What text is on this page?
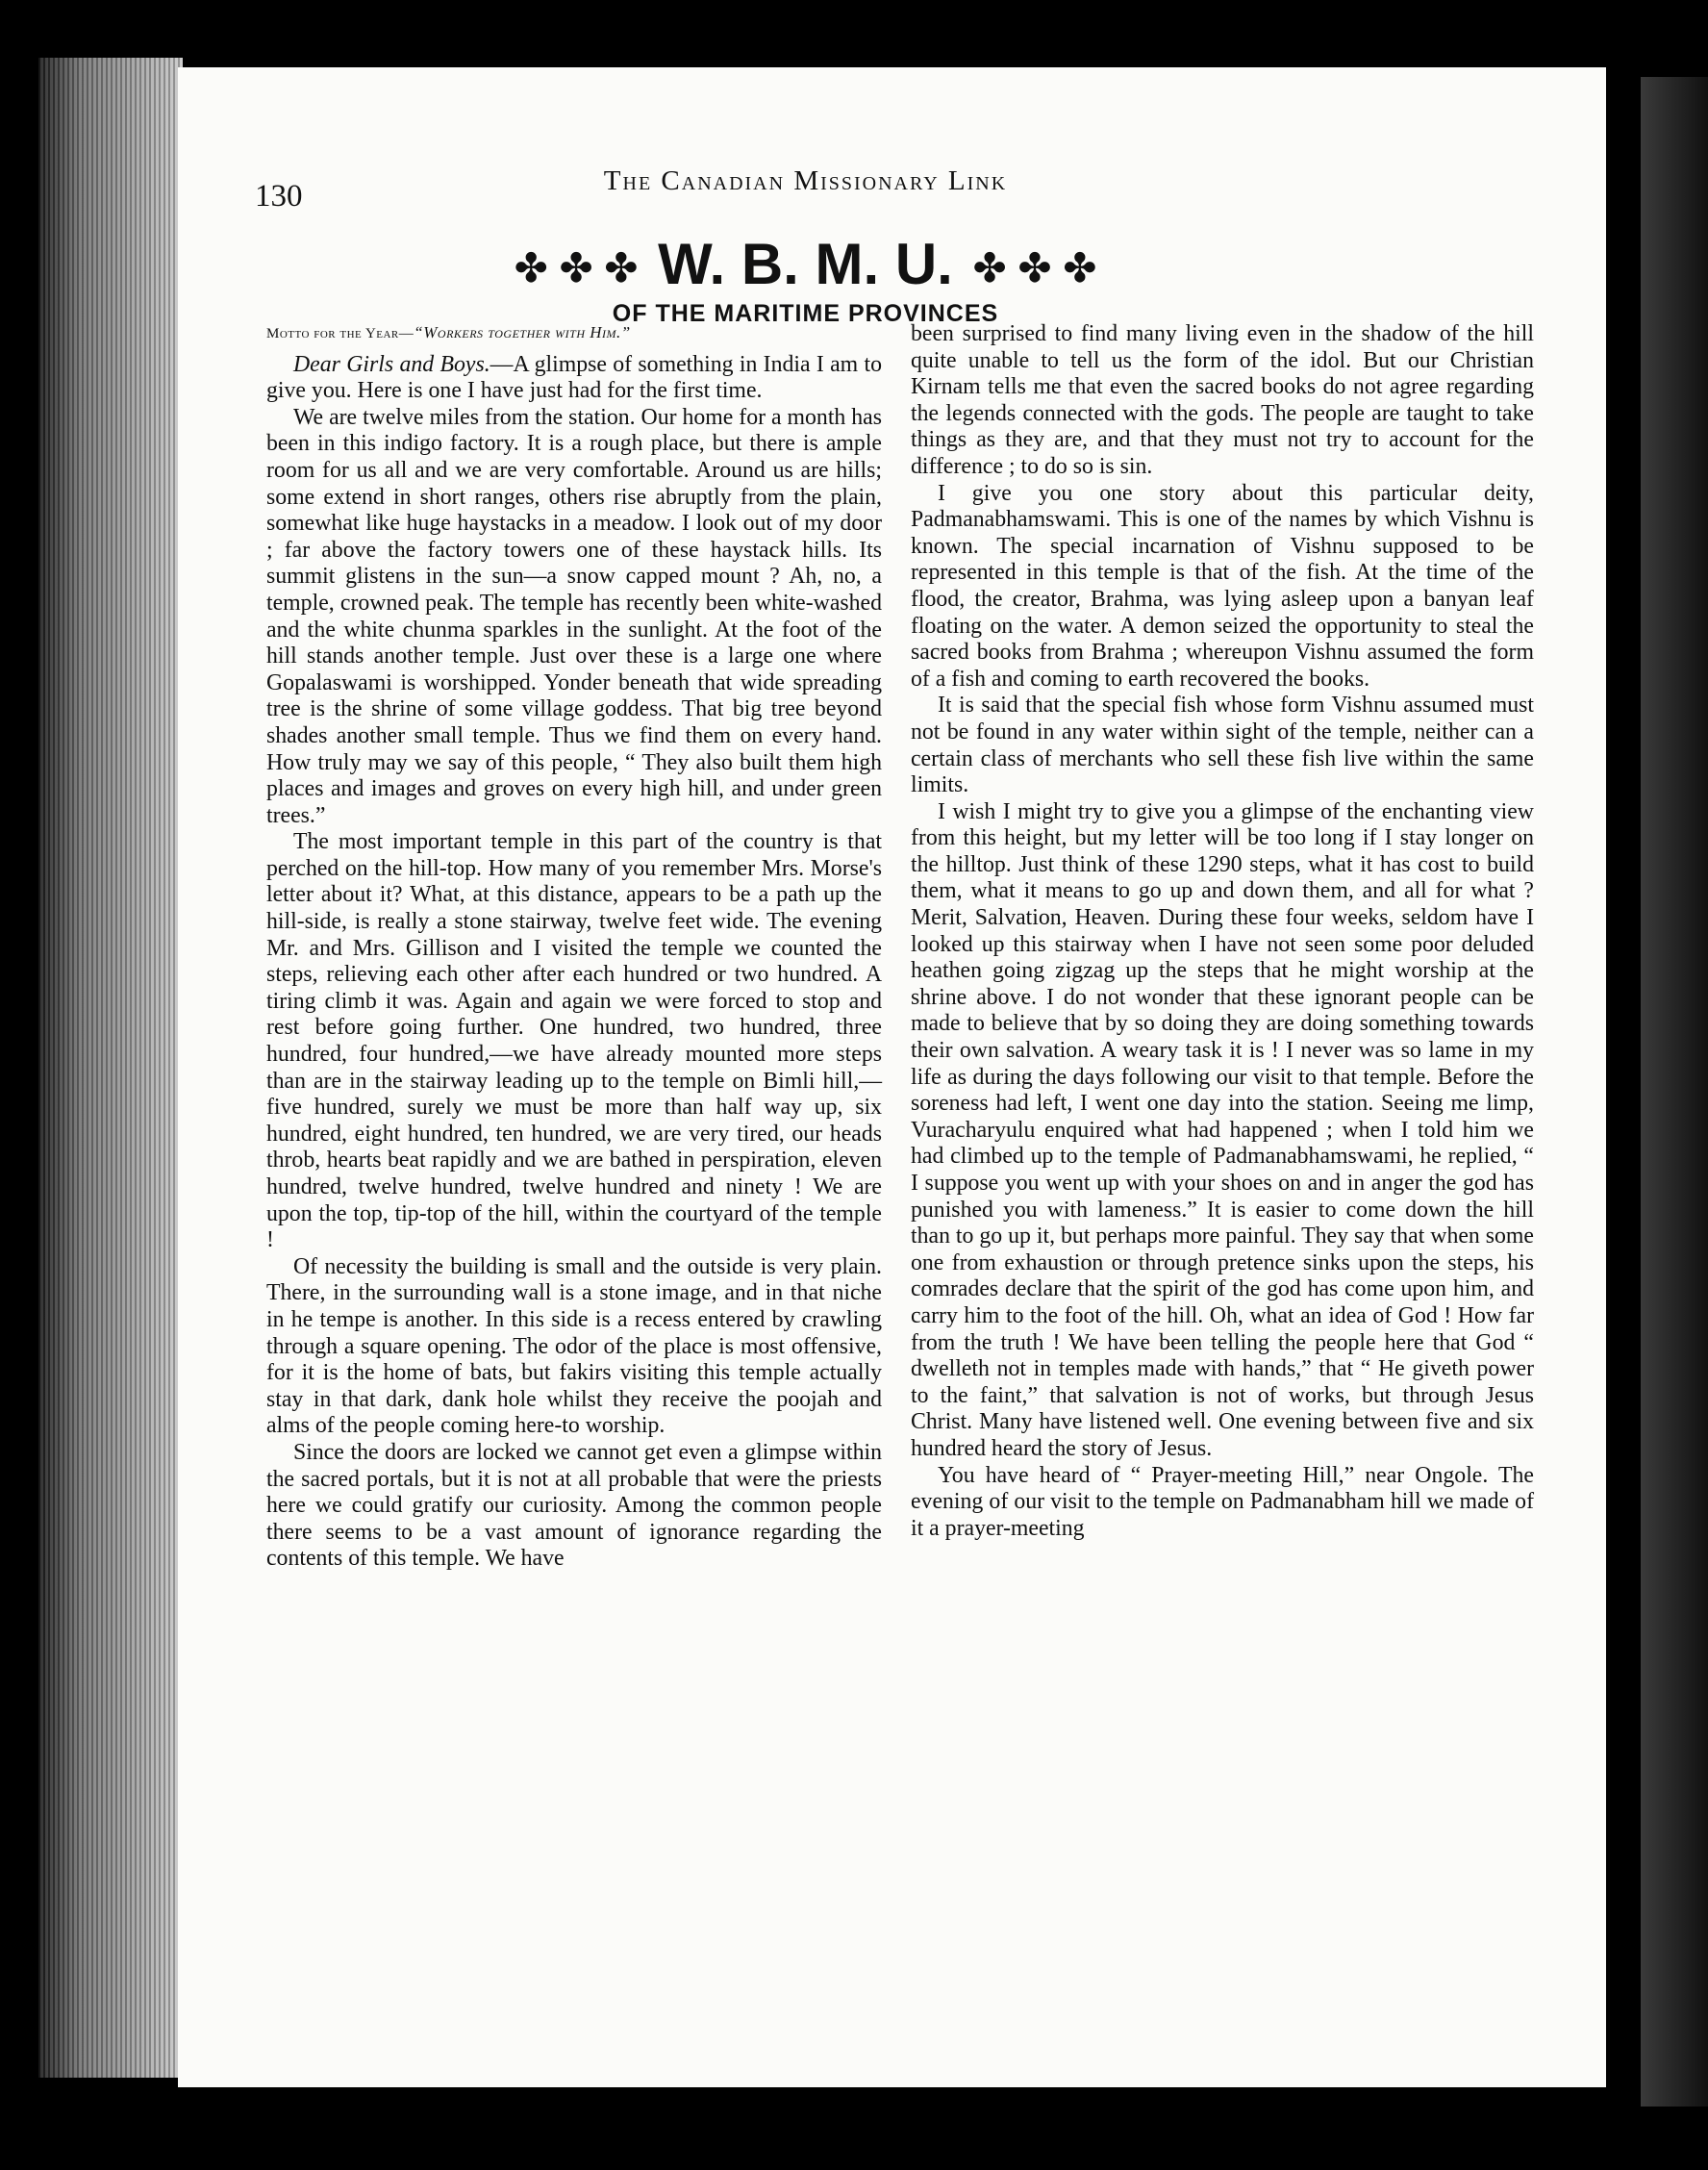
130	The Canadian Missionary Link
✤ ✤ ✤ W. B. M. U. ✤ ✤ ✤
OF THE MARITIME PROVINCES

Motto for the Year—“Workers together with Him.”

Dear Girls and Boys.—A glimpse of something in India I am to give you. Here is one I have just had for the first time.

We are twelve miles from the station. Our home for a month has been in this indigo factory. It is a rough place, but there is ample room for us all and we are very comfortable. Around us are hills; some extend in short ranges, others rise abruptly from the plain, somewhat like huge haystacks in a meadow. I look out of my door ; far above the factory towers one of these haystack hills. Its summit glistens in the sun—a snow capped mount ? Ah, no, a temple, crowned peak. The temple has recently been white-washed and the white chunma sparkles in the sunlight. At the foot of the hill stands another temple. Just over these is a large one where Gopalaswami is worshipped. Yonder beneath that wide spreading tree is the shrine of some village goddess. That big tree beyond shades another small temple. Thus we find them on every hand. How truly may we say of this people, “ They also built them high places and images and groves on every high hill, and under green trees.”

The most important temple in this part of the country is that perched on the hill-top. How many of you remember Mrs. Morse's letter about it? What, at this distance, appears to be a path up the hill-side, is really a stone stairway, twelve feet wide. The evening Mr. and Mrs. Gillison and I visited the temple we counted the steps, relieving each other after each hundred or two hundred. A tiring climb it was. Again and again we were forced to stop and rest before going further. One hundred, two hundred, three hundred, four hundred,—we have already mounted more steps than are in the stairway leading up to the temple on Bimli hill,—five hundred, surely we must be more than half way up, six hundred, eight hundred, ten hundred, we are very tired, our heads throb, hearts beat rapidly and we are bathed in perspiration, eleven hundred, twelve hundred, twelve hundred and ninety ! We are upon the top, tip-top of the hill, within the courtyard of the temple !

Of necessity the building is small and the outside is very plain. There, in the surrounding wall is a stone image, and in that niche in he tempe is another. In this side is a recess entered by crawling through a square opening. The odor of the place is most offensive, for it is the home of bats, but fakirs visiting this temple actually stay in that dark, dank hole whilst they receive the poojah and alms of the people coming here-to worship.

Since the doors are locked we cannot get even a glimpse within the sacred portals, but it is not at all probable that were the priests here we could gratify our curiosity. Among the common people there seems to be a vast amount of ignorance regarding the contents of this temple. We have

been surprised to find many living even in the shadow of the hill quite unable to tell us the form of the idol. But our Christian Kirnam tells me that even the sacred books do not agree regarding the legends connected with the gods. The people are taught to take things as they are, and that they must not try to account for the difference ; to do so is sin.

I give you one story about this particular deity, Padmanabhamswami. This is one of the names by which Vishnu is known. The special incarnation of Vishnu supposed to be represented in this temple is that of the fish. At the time of the flood, the creator, Brahma, was lying asleep upon a banyan leaf floating on the water. A demon seized the opportunity to steal the sacred books from Brahma ; whereupon Vishnu assumed the form of a fish and coming to earth recovered the books.

It is said that the special fish whose form Vishnu assumed must not be found in any water within sight of the temple, neither can a certain class of merchants who sell these fish live within the same limits.

I wish I might try to give you a glimpse of the enchanting view from this height, but my letter will be too long if I stay longer on the hilltop. Just think of these 1290 steps, what it has cost to build them, what it means to go up and down them, and all for what ? Merit, Salvation, Heaven. During these four weeks, seldom have I looked up this stairway when I have not seen some poor deluded heathen going zigzag up the steps that he might worship at the shrine above. I do not wonder that these ignorant people can be made to believe that by so doing they are doing something towards their own salvation. A weary task it is ! I never was so lame in my life as during the days following our visit to that temple. Before the soreness had left, I went one day into the station. Seeing me limp, Vuracharyulu enquired what had happened ; when I told him we had climbed up to the temple of Padmanabhamswami, he replied, “ I suppose you went up with your shoes on and in anger the god has punished you with lameness.” It is easier to come down the hill than to go up it, but perhaps more painful. They say that when some one from exhaustion or through pretence sinks upon the steps, his comrades declare that the spirit of the god has come upon him, and carry him to the foot of the hill. Oh, what an idea of God ! How far from the truth ! We have been telling the people here that God “ dwelleth not in temples made with hands,” that “ He giveth power to the faint,” that salvation is not of works, but through Jesus Christ. Many have listened well. One evening between five and six hundred heard the story of Jesus.

You have heard of “ Prayer-meeting Hill,” near Ongole. The evening of our visit to the temple on Padmanabham hill we made of it a prayer-meeting
